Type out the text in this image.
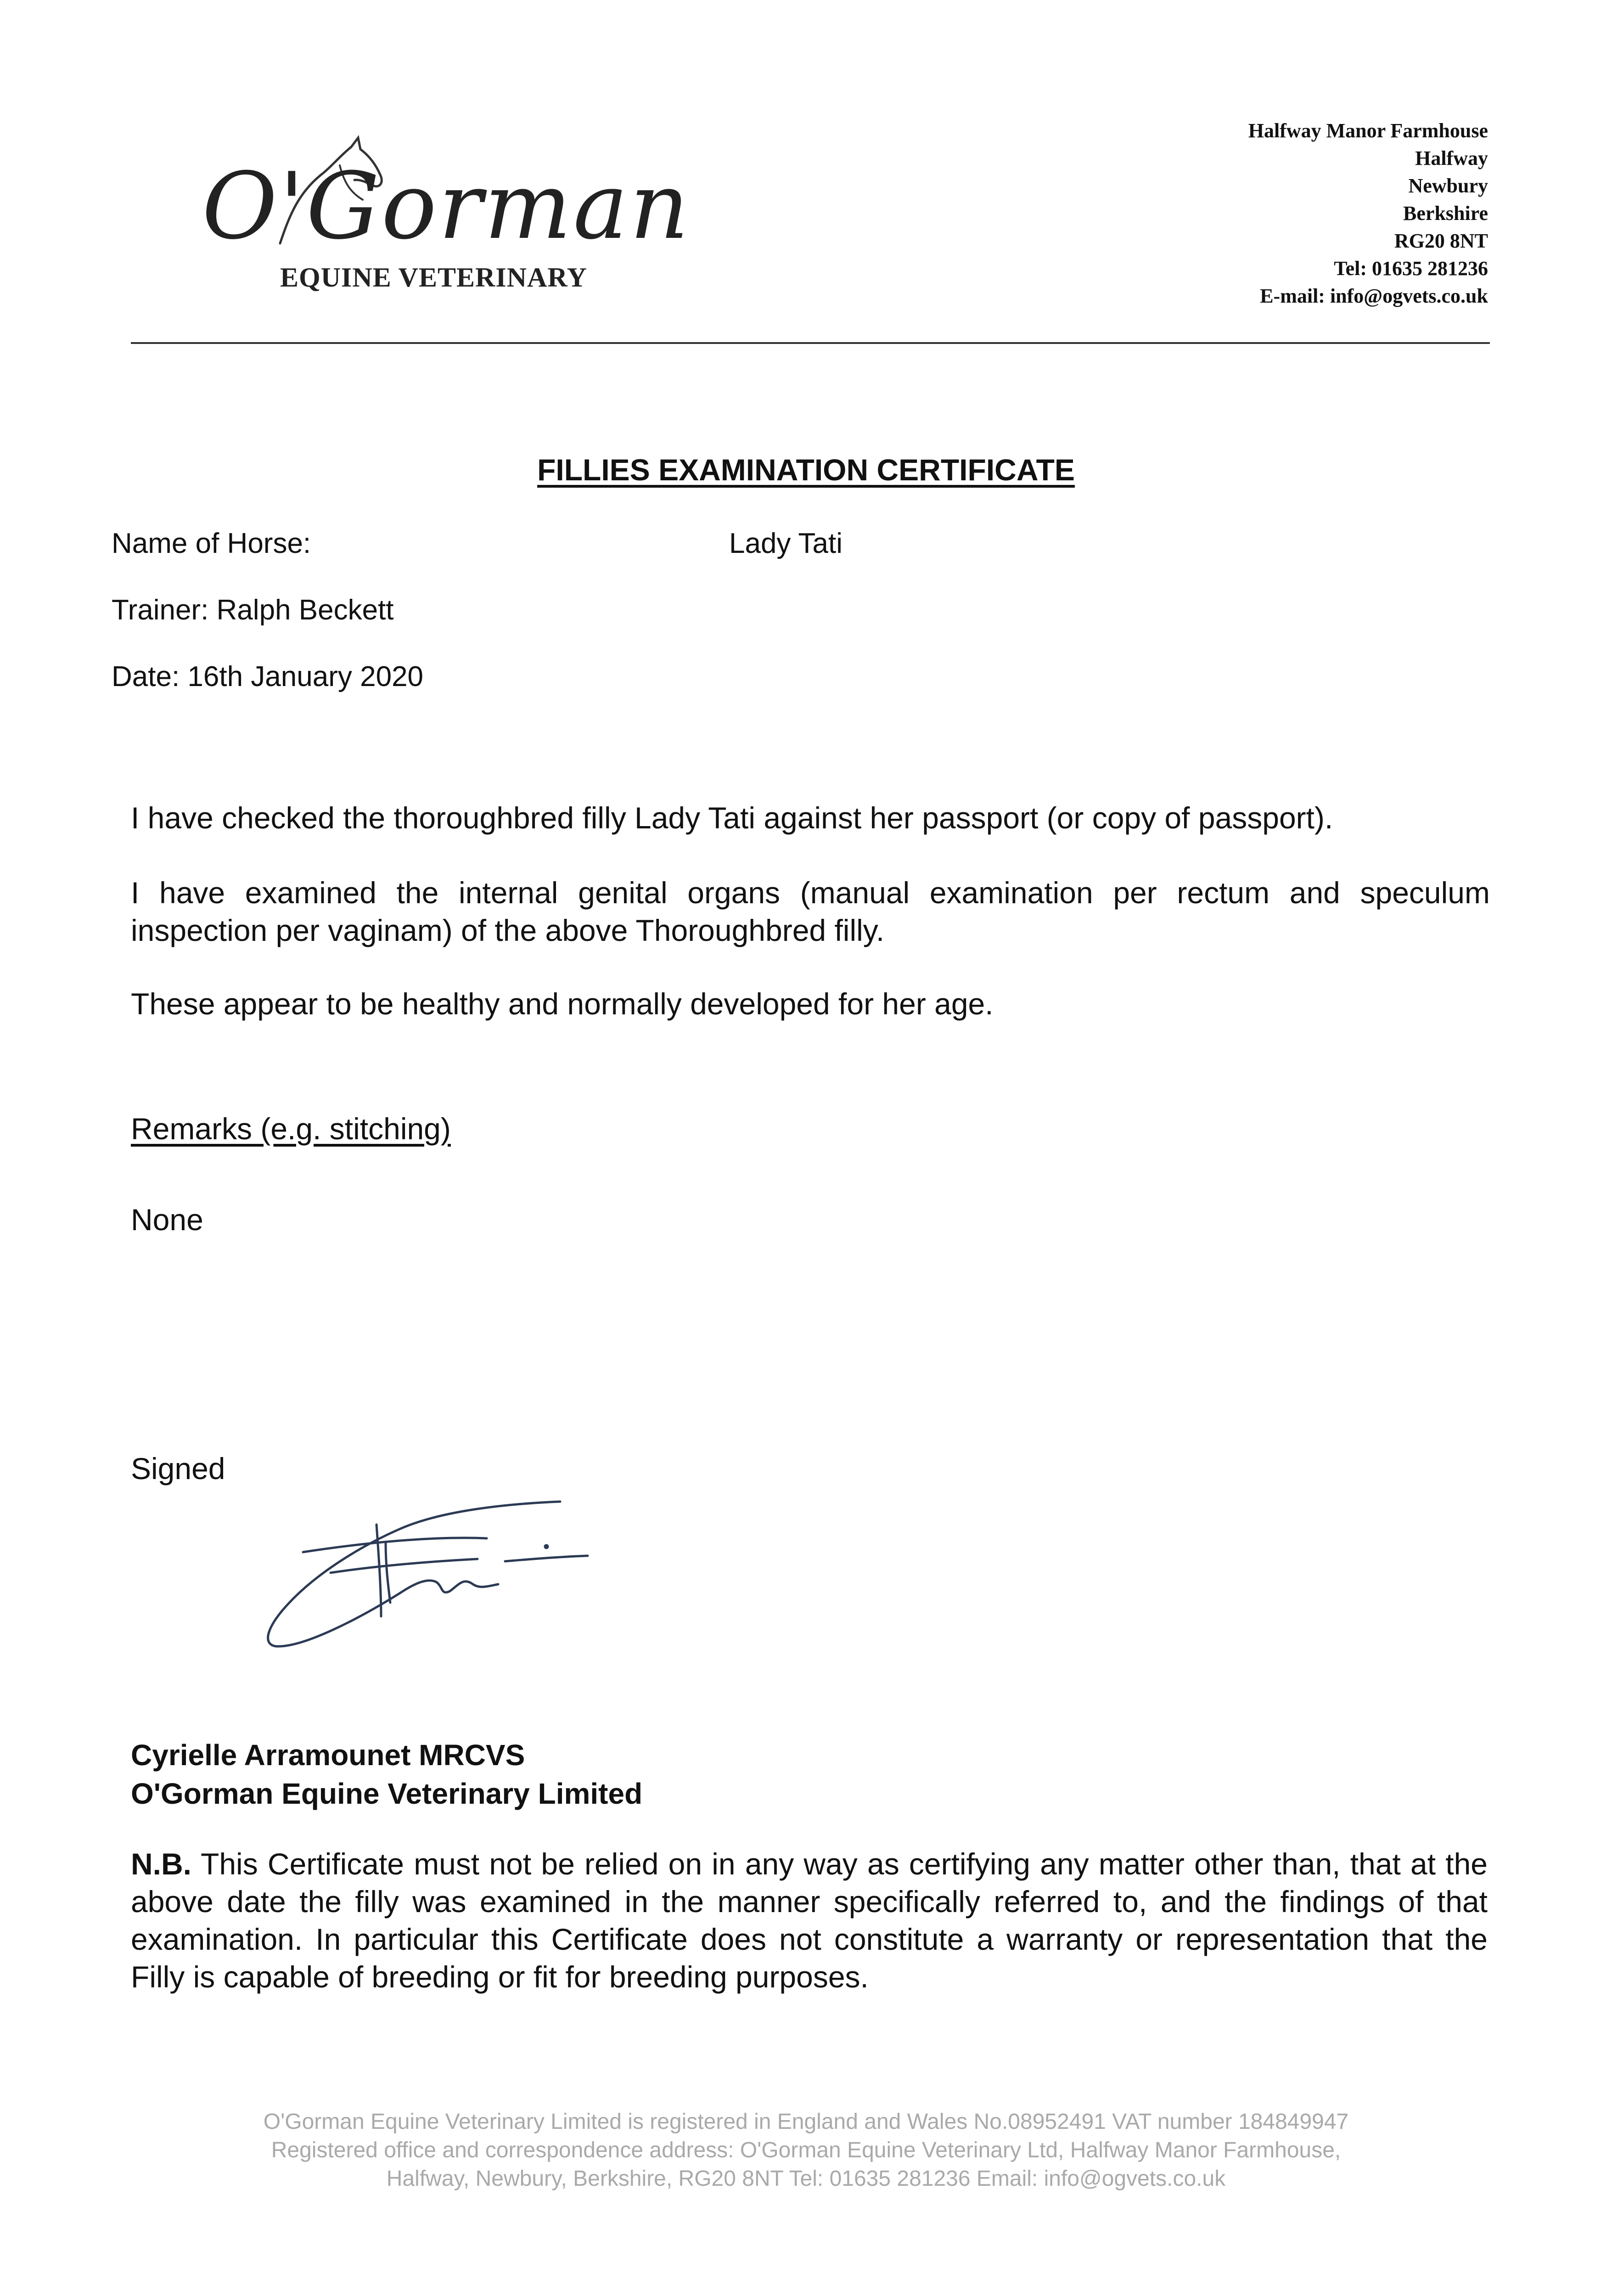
O'Gorman
EQUINE VETERINARY
Halfway Manor Farmhouse
Halfway
Newbury
Berkshire
RG20 8NT
Tel: 01635 281236
E-mail: info@ogvets.co.uk
FILLIES EXAMINATION CERTIFICATE
Name of Horse:	Lady Tati
Trainer: Ralph Beckett
Date: 16th January 2020
I have checked the thoroughbred filly Lady Tati against her passport (or copy of passport).
I have examined the internal genital organs (manual examination per rectum and speculum inspection per vaginam) of the above Thoroughbred filly.
These appear to be healthy and normally developed for her age.
Remarks (e.g. stitching)
None
Signed
Cyrielle Arramounet MRCVS
O'Gorman Equine Veterinary Limited
N.B. This Certificate must not be relied on in any way as certifying any matter other than, that at the above date the filly was examined in the manner specifically referred to, and the findings of that examination. In particular this Certificate does not constitute a warranty or representation that the Filly is capable of breeding or fit for breeding purposes.
O'Gorman Equine Veterinary Limited is registered in England and Wales No.08952491 VAT number 184849947
Registered office and correspondence address: O'Gorman Equine Veterinary Ltd, Halfway Manor Farmhouse,
Halfway, Newbury, Berkshire, RG20 8NT Tel: 01635 281236 Email: info@ogvets.co.uk
